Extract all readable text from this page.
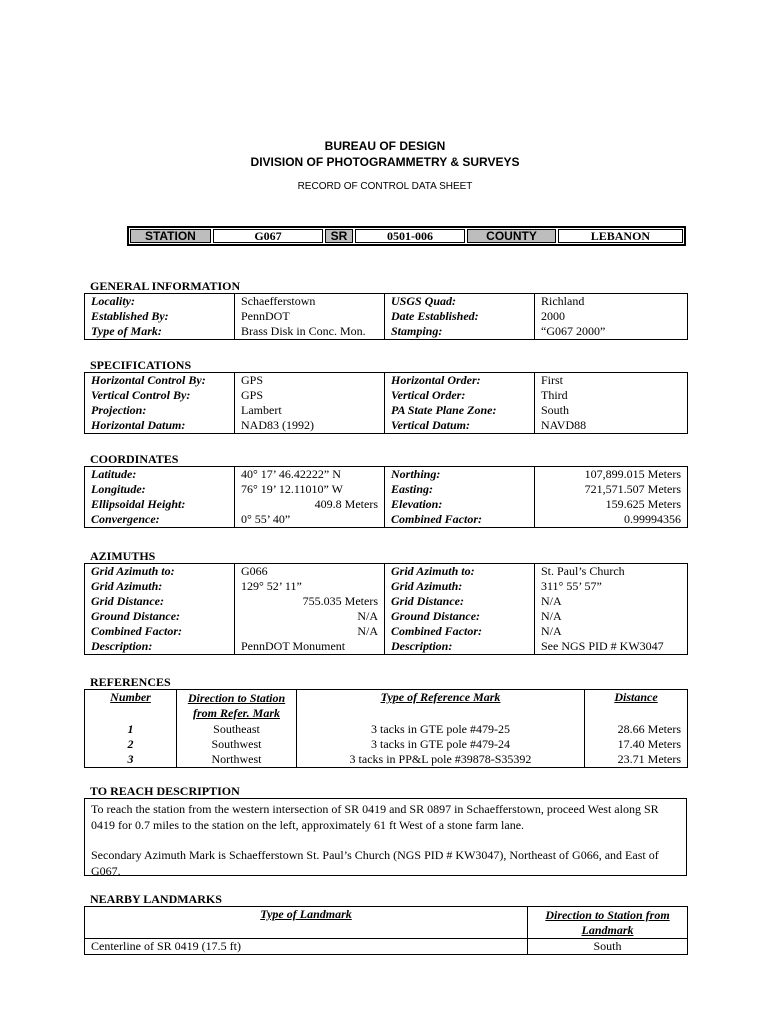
BUREAU OF DESIGN
DIVISION OF PHOTOGRAMMETRY & SURVEYS
RECORD OF CONTROL DATA SHEET
STATION	G067	SR	0501-006	COUNTY	LEBANON
GENERAL INFORMATION
Locality:	Schaefferstown	USGS Quad:	Richland
Established By:	PennDOT	Date Established:	2000
Type of Mark:	Brass Disk in Conc. Mon.	Stamping:	“G067 2000”
SPECIFICATIONS
Horizontal Control By:	GPS	Horizontal Order:	First
Vertical Control By:	GPS	Vertical Order:	Third
Projection:	Lambert	PA State Plane Zone:	South
Horizontal Datum:	NAD83 (1992)	Vertical Datum:	NAVD88
COORDINATES
Latitude:	40° 17’ 46.42222” N	Northing:	107,899.015 Meters
Longitude:	76° 19’ 12.11010” W	Easting:	721,571.507 Meters
Ellipsoidal Height:	409.8 Meters	Elevation:	159.625 Meters
Convergence:	0° 55’ 40”	Combined Factor:	0.99994356
AZIMUTHS
Grid Azimuth to:	G066	Grid Azimuth to:	St. Paul’s Church
Grid Azimuth:	129° 52’ 11”	Grid Azimuth:	311° 55’ 57”
Grid Distance:	755.035 Meters	Grid Distance:	N/A
Ground Distance:	N/A	Ground Distance:	N/A
Combined Factor:	N/A	Combined Factor:	N/A
Description:	PennDOT Monument	Description:	See NGS PID # KW3047
REFERENCES
Number	Direction to Station from Refer. Mark	Type of Reference Mark	Distance
1	Southeast	3 tacks in GTE pole #479-25	28.66 Meters
2	Southwest	3 tacks in GTE pole #479-24	17.40 Meters
3	Northwest	3 tacks in PP&L pole #39878-S35392	23.71 Meters
TO REACH DESCRIPTION
To reach the station from the western intersection of SR 0419 and SR 0897 in Schaefferstown, proceed West along SR 0419 for 0.7 miles to the station on the left, approximately 61 ft West of a stone farm lane.
Secondary Azimuth Mark is Schaefferstown St. Paul’s Church (NGS PID # KW3047), Northeast of G066, and East of G067.
NEARBY LANDMARKS
Type of Landmark	Direction to Station from Landmark
Centerline of SR 0419 (17.5 ft)	South
